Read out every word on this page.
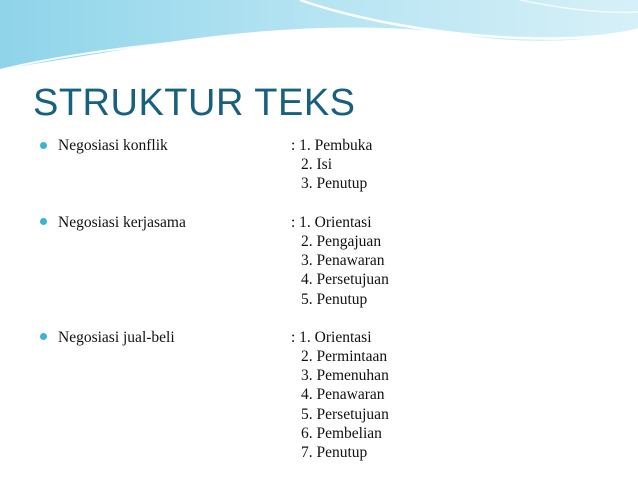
STRUKTUR TEKS
Negosiasi konflik	: 1. Pembuka
2. Isi
3. Penutup
Negosiasi kerjasama	: 1. Orientasi
2. Pengajuan
3. Penawaran
4. Persetujuan
5. Penutup
Negosiasi jual-beli	: 1. Orientasi
2. Permintaan
3. Pemenuhan
4. Penawaran
5. Persetujuan
6. Pembelian
7. Penutup
